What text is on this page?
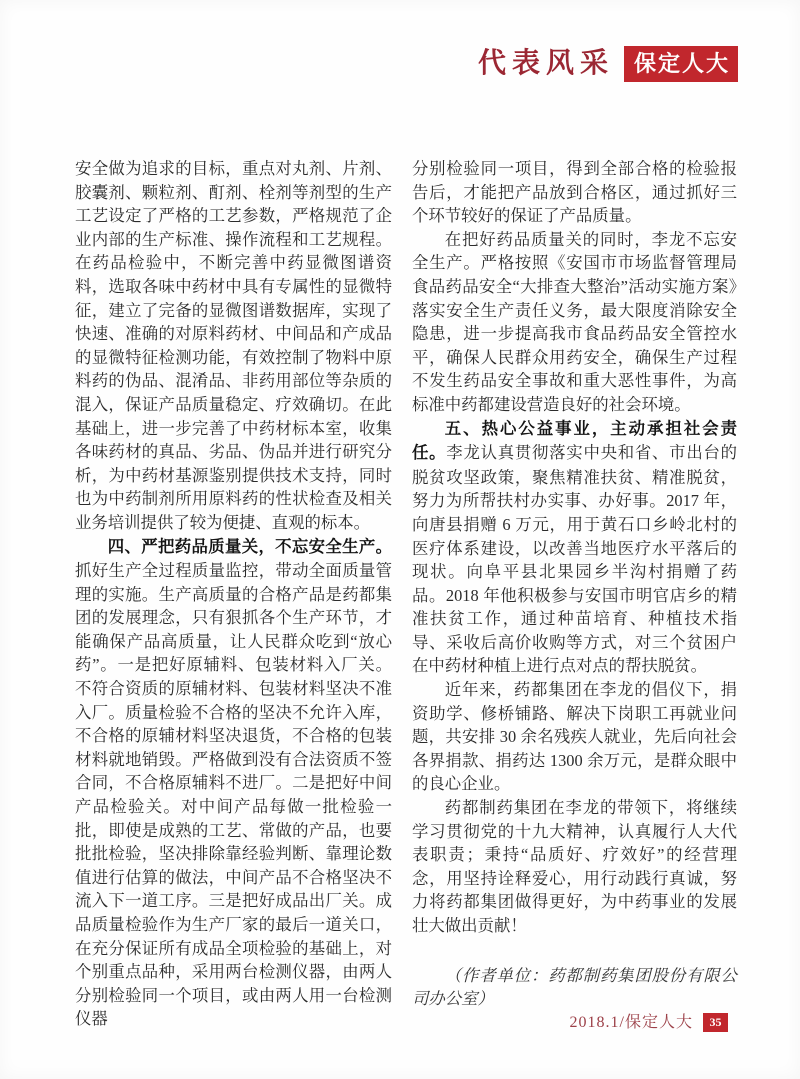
代表风采 保定人大

安全做为追求的目标，重点对丸剂、片剂、胶囊剂、颗粒剂、酊剂、栓剂等剂型的生产工艺设定了严格的工艺参数，严格规范了企业内部的生产标准、操作流程和工艺规程。在药品检验中，不断完善中药显微图谱资料，选取各味中药材中具有专属性的显微特征，建立了完备的显微图谱数据库，实现了快速、准确的对原料药材、中间品和产成品的显微特征检测功能，有效控制了物料中原料药的伪品、混淆品、非药用部位等杂质的混入，保证产品质量稳定、疗效确切。在此基础上，进一步完善了中药材标本室，收集各味药材的真品、劣品、伪品并进行研究分析，为中药材基源鉴别提供技术支持，同时也为中药制剂所用原料药的性状检查及相关业务培训提供了较为便捷、直观的标本。

四、严把药品质量关，不忘安全生产。抓好生产全过程质量监控，带动全面质量管理的实施。生产高质量的合格产品是药都集团的发展理念，只有狠抓各个生产环节，才能确保产品高质量，让人民群众吃到“放心药”。一是把好原辅料、包装材料入厂关。不符合资质的原辅材料、包装材料坚决不准入厂。质量检验不合格的坚决不允许入库，不合格的原辅材料坚决退货，不合格的包装材料就地销毁。严格做到没有合法资质不签合同，不合格原辅料不进厂。二是把好中间产品检验关。对中间产品每做一批检验一批，即使是成熟的工艺、常做的产品，也要批批检验，坚决排除靠经验判断、靠理论数值进行估算的做法，中间产品不合格坚决不流入下一道工序。三是把好成品出厂关。成品质量检验作为生产厂家的最后一道关口，在充分保证所有成品全项检验的基础上，对个别重点品种，采用两台检测仪器，由两人分别检验同一个项目，或由两人用一台检测仪器

分别检验同一项目，得到全部合格的检验报告后，才能把产品放到合格区，通过抓好三个环节较好的保证了产品质量。

在把好药品质量关的同时，李龙不忘安全生产。严格按照《安国市市场监督管理局食品药品安全“大排查大整治”活动实施方案》落实安全生产责任义务，最大限度消除安全隐患，进一步提高我市食品药品安全管控水平，确保人民群众用药安全，确保生产过程不发生药品安全事故和重大恶性事件，为高标准中药都建设营造良好的社会环境。

五、热心公益事业，主动承担社会责任。李龙认真贯彻落实中央和省、市出台的脱贫攻坚政策，聚焦精准扶贫、精准脱贫，努力为所帮扶村办实事、办好事。2017 年，向唐县捐赠 6 万元，用于黄石口乡岭北村的医疗体系建设，以改善当地医疗水平落后的现状。向阜平县北果园乡半沟村捐赠了药品。2018 年他积极参与安国市明官店乡的精准扶贫工作，通过种苗培育、种植技术指导、采收后高价收购等方式，对三个贫困户在中药材种植上进行点对点的帮扶脱贫。

近年来，药都集团在李龙的倡仪下，捐资助学、修桥铺路、解决下岗职工再就业问题，共安排 30 余名残疾人就业，先后向社会各界捐款、捐药达 1300 余万元，是群众眼中的良心企业。

药都制药集团在李龙的带领下，将继续学习贯彻党的十九大精神，认真履行人大代表职责；秉持“品质好、疗效好”的经营理念，用坚持诠释爱心，用行动践行真诚，努力将药都集团做得更好，为中药事业的发展壮大做出贡献！

（作者单位：药都制药集团股份有限公司办公室）

2018.1/保定人大	35
